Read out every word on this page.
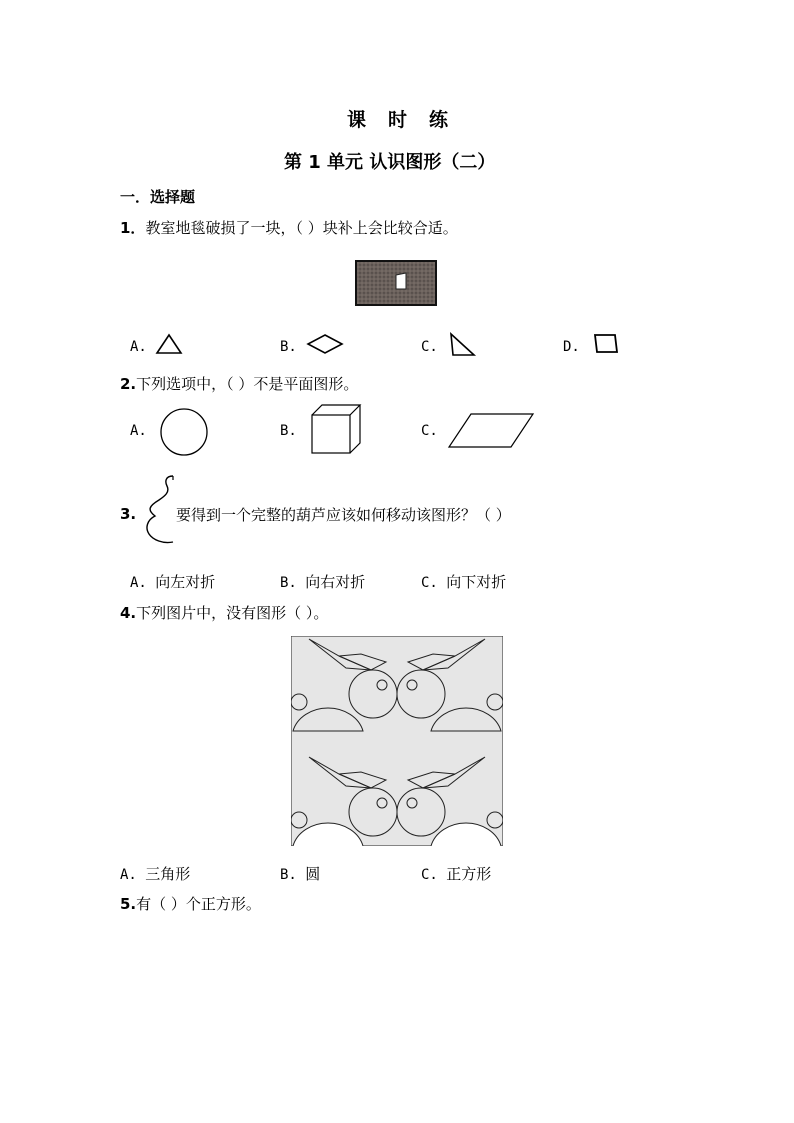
课时练
第 1 单元 认识图形（二）
一．选择题
1．教室地毯破损了一块，（ ）块补上会比较合适。
A.	B.	C.	D.
2.下列选项中，（ ）不是平面图形。
A.	B.	C.
3.	要得到一个完整的葫芦应该如何移动该图形？（ ）
A. 向左对折	B. 向右对折	C. 向下对折
4.下列图片中，没有图形（ ）。
A. 三角形	B. 圆	C. 正方形
5.有（ ）个正方形。
